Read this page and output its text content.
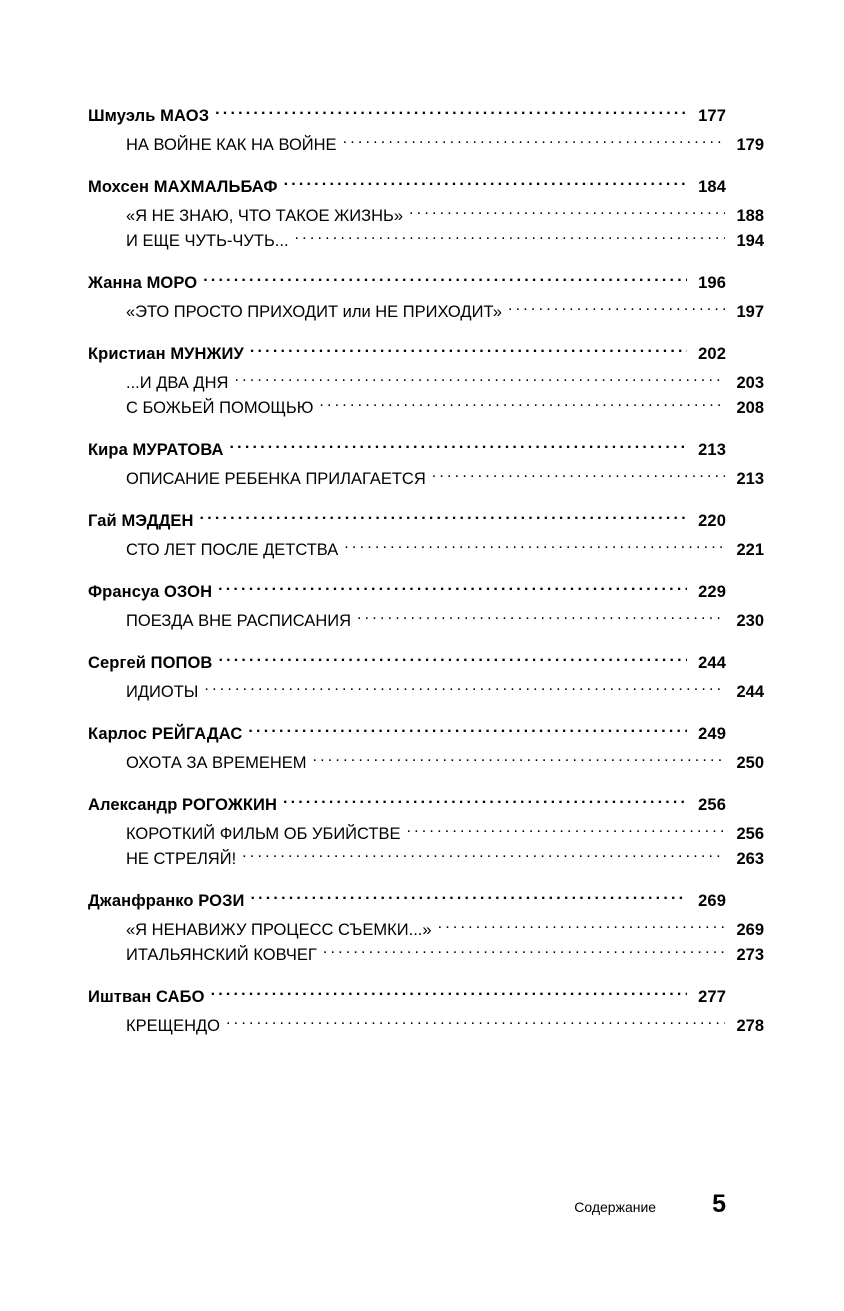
Шмуэль МАОЗ .....	177
НА ВОЙНЕ КАК НА ВОЙНЕ .....	179
Мохсен МАХМАЛЬБАФ .....	184
«Я НЕ ЗНАЮ, ЧТО ТАКОЕ ЖИЗНЬ» .....	188
И ЕЩЕ ЧУТЬ-ЧУТЬ... .....	194
Жанна МОРО .....	196
«ЭТО ПРОСТО ПРИХОДИТ или НЕ ПРИХОДИТ» .....	197
Кристиан МУНЖИУ .....	202
...И ДВА ДНЯ .....	203
С БОЖЬЕЙ ПОМОЩЬЮ .....	208
Кира МУРАТОВА .....	213
ОПИСАНИЕ РЕБЕНКА ПРИЛАГАЕТСЯ .....	213
Гай МЭДДЕН .....	220
СТО ЛЕТ ПОСЛЕ ДЕТСТВА .....	221
Франсуа ОЗОН .....	229
ПОЕЗДА ВНЕ РАСПИСАНИЯ .....	230
Сергей ПОПОВ .....	244
ИДИОТЫ .....	244
Карлос РЕЙГАДАС .....	249
ОХОТА ЗА ВРЕМЕНЕМ .....	250
Александр РОГОЖКИН .....	256
КОРОТКИЙ ФИЛЬМ ОБ УБИЙСТВЕ .....	256
НЕ СТРЕЛЯЙ! .....	263
Джанфранко РОЗИ .....	269
«Я НЕНАВИЖУ ПРОЦЕСС СЪЕМКИ...» .....	269
ИТАЛЬЯНСКИЙ КОВЧЕГ .....	273
Иштван САБО .....	277
КРЕЩЕНДО .....	278
Содержание 5
